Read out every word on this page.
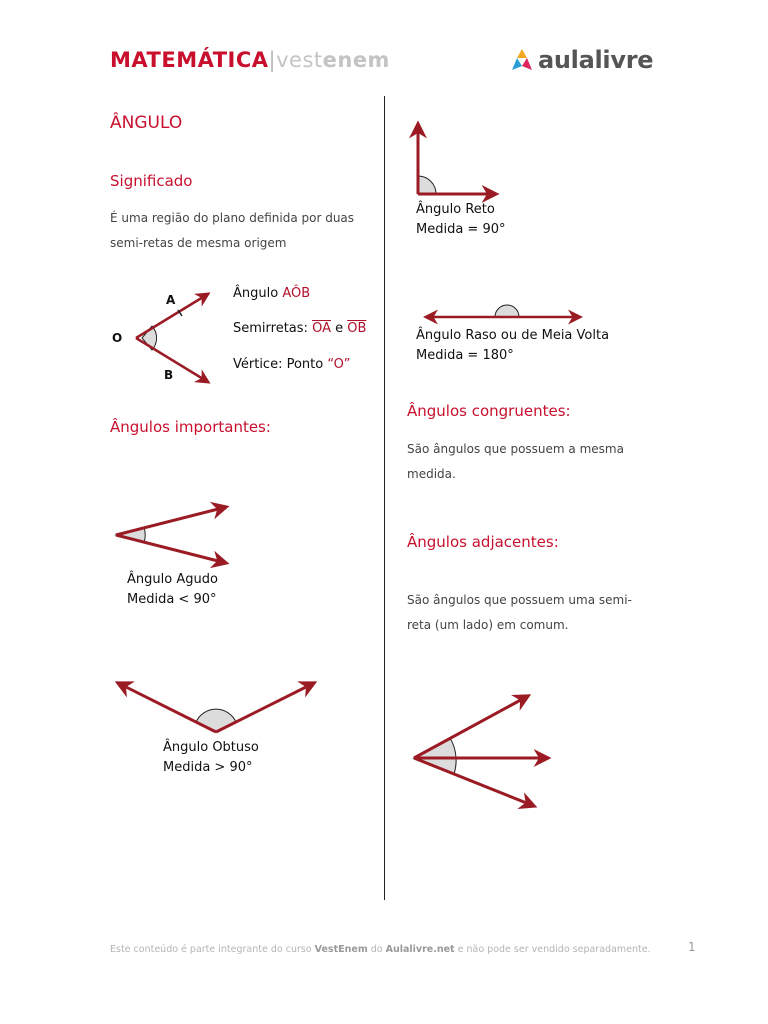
MATEMÁTICA|vestenem	aulalivre
ÂNGULO
Significado
É uma região do plano definida por duas
semi-retas de mesma origem
O
A
B
Ângulo AÔB
Semirretas: $\overline{OA}$ e $\overline{OB}$
Vértice: Ponto “O”
Ângulos importantes:
Ângulo Agudo
Medida < 90°
Ângulo Obtuso
Medida > 90°
Ângulo Reto
Medida = 90°
Ângulo Raso ou de Meia Volta
Medida = 180°
Ângulos congruentes:
São ângulos que possuem a mesma
medida.
Ângulos adjacentes:
São ângulos que possuem uma semi-
reta (um lado) em comum.
Este conteúdo é parte integrante do curso VestEnem do Aulalivre.net e não pode ser vendido separadamente.	1
